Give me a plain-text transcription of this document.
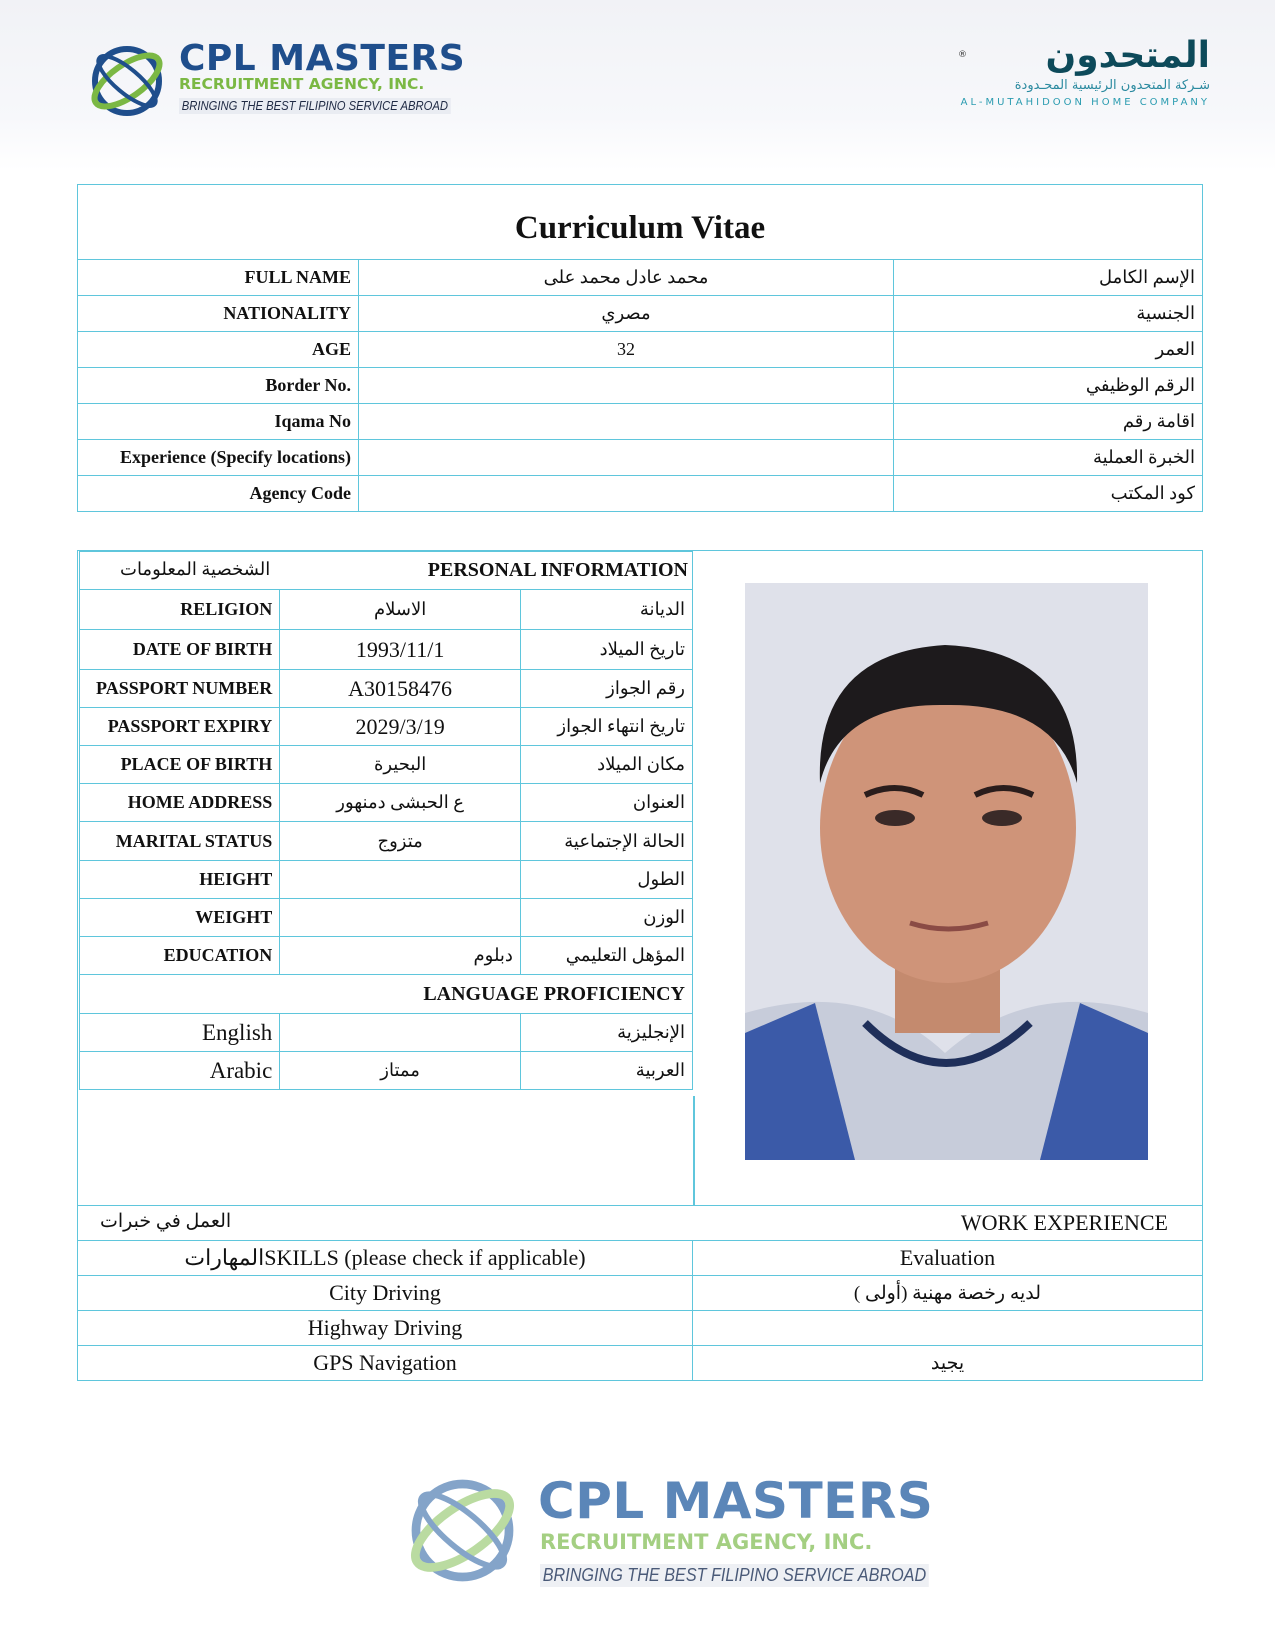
CPL MASTERS
RECRUITMENT AGENCY, INC.
BRINGING THE BEST FILIPINO SERVICE ABROAD
®	المتحدون
شـركة المتحدون الرئيسية المحـدودة
AL-MUTAHIDOON HOME COMPANY
Curriculum Vitae		
FULL NAME	محمد عادل محمد على	الإسم الكامل
NATIONALITY	مصري	الجنسية
AGE	32	العمر
Border No.		الرقم الوظيفي
Iqama No		اقامة رقم
Experience (Specify locations)		الخبرة العملية
Agency Code		كود المكتب
الشخصية المعلومات PERSONAL INFORMATION		

RELIGION	الاسلام	الديانة
DATE OF BIRTH	1993/11/1	تاريخ الميلاد
PASSPORT NUMBER	A30158476	رقم الجواز
PASSPORT EXPIRY	2029/3/19	تاريخ انتهاء الجواز
PLACE OF BIRTH	البحيرة	مكان الميلاد
HOME ADDRESS	ع الحبشى دمنهور	العنوان
MARITAL STATUS	متزوج	الحالة الإجتماعية
HEIGHT		الطول
WEIGHT		الوزن
EDUCATION	دبلوم	المؤهل التعليمي
LANGUAGE PROFICIENCY		
English		الإنجليزية
Arabic	ممتاز	العربية
العمل في خبرات WORK EXPERIENCE	

المهاراتSKILLS (please check if applicable)	Evaluation
City Driving	لديه رخصة مهنية (أولى )
Highway Driving	
GPS Navigation	يجيد
CPL MASTERS
RECRUITMENT AGENCY, INC.
BRINGING THE BEST FILIPINO SERVICE ABROAD
